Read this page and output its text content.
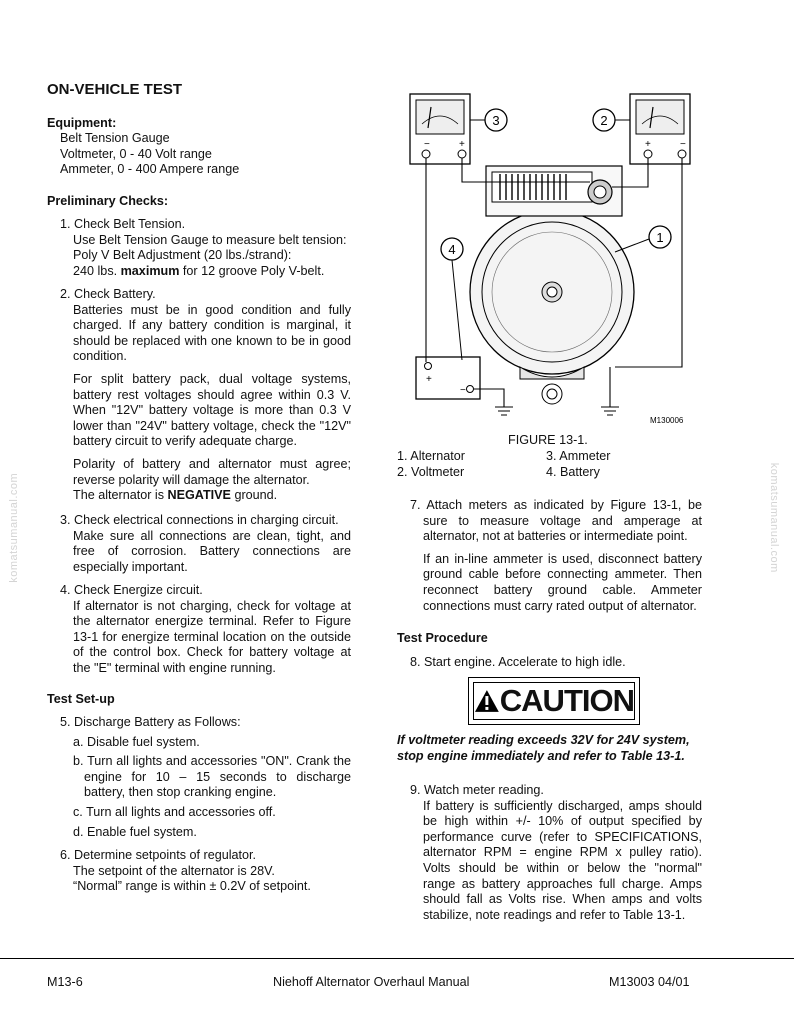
komatsumanual.com	komatsumanual.com
ON-VEHICLE TEST
Equipment:

Belt Tension Gauge

Voltmeter, 0 - 40 Volt range

Ammeter, 0 - 400 Ampere range

Preliminary Checks:

1. Check Belt Tension.

Use Belt Tension Gauge to measure belt tension:

Poly V Belt Adjustment (20 lbs./strand):

240 lbs. maximum for 12 groove Poly V-belt.

2. Check Battery.

Batteries must be in good condition and fully charged. If any battery condition is marginal, it should be replaced with one known to be in good condition.

For split battery pack, dual voltage systems, battery rest voltages should agree within 0.3 V. When "12V" battery voltage is more than 0.3 V lower than "24V" battery voltage, check the "12V" battery circuit to verify adequate charge.

Polarity of battery and alternator must agree; reverse polarity will damage the alternator.

The alternator is NEGATIVE ground.

3. Check electrical connections in charging circuit.

Make sure all connections are clean, tight, and free of corrosion. Battery connections are especially important.

4. Check Energize circuit.

If alternator is not charging, check for voltage at the alternator energize terminal. Refer to Figure 13-1 for energize terminal location on the outside of the control box. Check for battery voltage at the "E" terminal with engine running.

Test Set-up

5. Discharge Battery as Follows:

a. Disable fuel system.

b. Turn all lights and accessories "ON". Crank the engine for 10 – 15 seconds to discharge battery, then stop cranking engine.

c. Turn all lights and accessories off.

d. Enable fuel system.

6. Determine setpoints of regulator.

The setpoint of the alternator is 28V.

“Normal” range is within ± 0.2V of setpoint.

−	+
3
+	−
2
1
+
−
4
M130006

FIGURE 13-1.

1. Alternator	3. Ammeter

2. Voltmeter	4. Battery

7. Attach meters as indicated by Figure 13-1, be sure to measure voltage and amperage at alternator, not at batteries or intermediate point.

If an in-line ammeter is used, disconnect battery ground cable before connecting ammeter. Then reconnect battery ground cable. Ammeter connections must carry rated output of alternator.

Test Procedure

8. Start engine. Accelerate to high idle.

CAUTION

If voltmeter reading exceeds 32V for 24V system, stop engine immediately and refer to Table 13-1.

9. Watch meter reading.

If battery is sufficiently discharged, amps should be high within +/- 10% of output specified by performance curve (refer to SPECIFICATIONS, alternator RPM = engine RPM x pulley ratio). Volts should be within or below the "normal" range as battery approaches full charge. Amps should fall as Volts rise. When amps and volts stabilize, note readings and refer to Table 13-1.

M13-6	Niehoff Alternator Overhaul Manual	M13003 04/01
